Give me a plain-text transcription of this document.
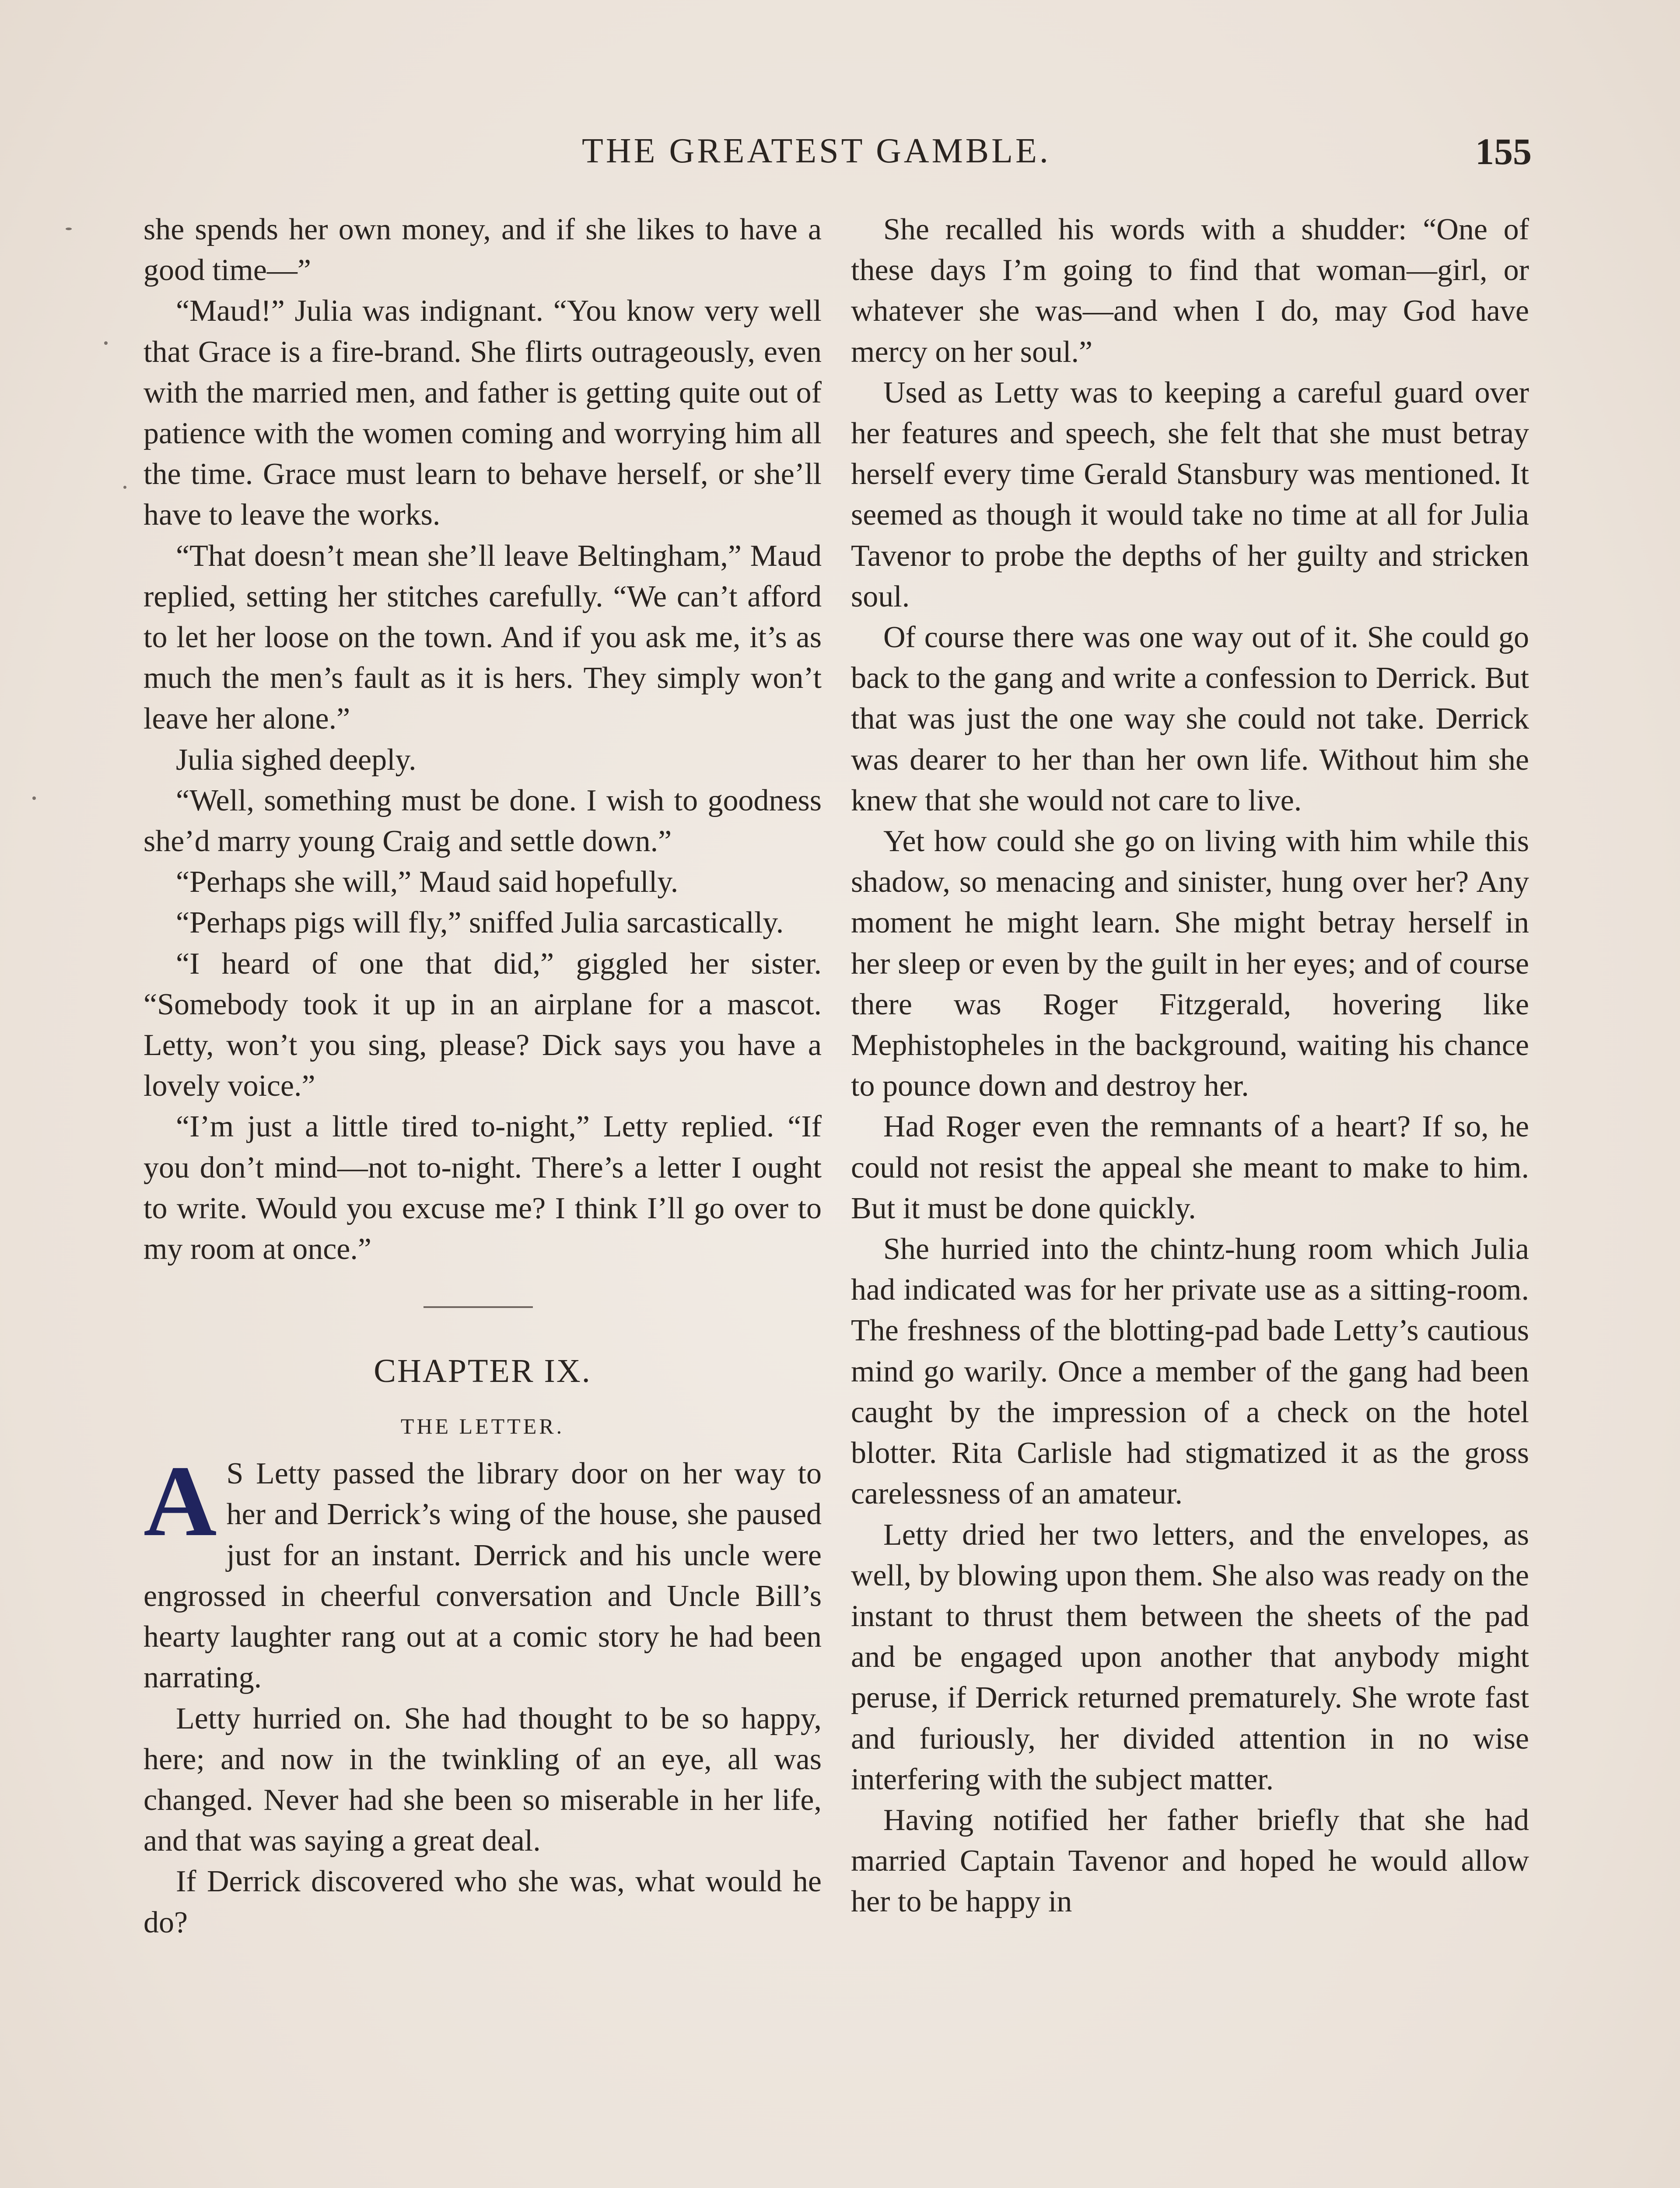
THE GREATEST GAMBLE.	155

she spends her own money, and if she likes to have a good time—”

“Maud!” Julia was indignant. “You know very well that Grace is a fire-brand. She flirts outrageously, even with the married men, and father is getting quite out of patience with the women coming and worrying him all the time. Grace must learn to behave herself, or she’ll have to leave the works.

“That doesn’t mean she’ll leave Beltingham,” Maud replied, setting her stitches carefully. “We can’t afford to let her loose on the town. And if you ask me, it’s as much the men’s fault as it is hers. They simply won’t leave her alone.”

Julia sighed deeply.

“Well, something must be done. I wish to goodness she’d marry young Craig and settle down.”

“Perhaps she will,” Maud said hopefully.

“Perhaps pigs will fly,” sniffed Julia sarcastically.

“I heard of one that did,” giggled her sister. “Somebody took it up in an airplane for a mascot. Letty, won’t you sing, please? Dick says you have a lovely voice.”

“I’m just a little tired to-night,” Letty replied. “If you don’t mind—not to-night. There’s a letter I ought to write. Would you excuse me? I think I’ll go over to my room at once.”

CHAPTER IX.
THE LETTER.

A S Letty passed the library door on her way to her and Derrick’s wing of the house, she paused just for an instant. Derrick and his uncle were engrossed in cheerful conversation and Uncle Bill’s hearty laughter rang out at a comic story he had been narrating.

Letty hurried on. She had thought to be so happy, here; and now in the twinkling of an eye, all was changed. Never had she been so miserable in her life, and that was saying a great deal.

If Derrick discovered who she was, what would he do?

She recalled his words with a shudder: “One of these days I’m going to find that woman—girl, or whatever she was—and when I do, may God have mercy on her soul.”

Used as Letty was to keeping a careful guard over her features and speech, she felt that she must betray herself every time Gerald Stansbury was mentioned. It seemed as though it would take no time at all for Julia Tavenor to probe the depths of her guilty and stricken soul.

Of course there was one way out of it. She could go back to the gang and write a confession to Derrick. But that was just the one way she could not take. Derrick was dearer to her than her own life. Without him she knew that she would not care to live.

Yet how could she go on living with him while this shadow, so menacing and sinister, hung over her? Any moment he might learn. She might betray herself in her sleep or even by the guilt in her eyes; and of course there was Roger Fitzgerald, hovering like Mephistopheles in the background, waiting his chance to pounce down and destroy her.

Had Roger even the remnants of a heart? If so, he could not resist the appeal she meant to make to him. But it must be done quickly.

She hurried into the chintz-hung room which Julia had indicated was for her private use as a sitting-room. The freshness of the blotting-pad bade Letty’s cautious mind go warily. Once a member of the gang had been caught by the impression of a check on the hotel blotter. Rita Carlisle had stigmatized it as the gross carelessness of an amateur.

Letty dried her two letters, and the envelopes, as well, by blowing upon them. She also was ready on the instant to thrust them between the sheets of the pad and be engaged upon another that anybody might peruse, if Derrick returned prematurely. She wrote fast and furiously, her divided attention in no wise interfering with the subject matter.

Having notified her father briefly that she had married Captain Tavenor and hoped he would allow her to be happy in
